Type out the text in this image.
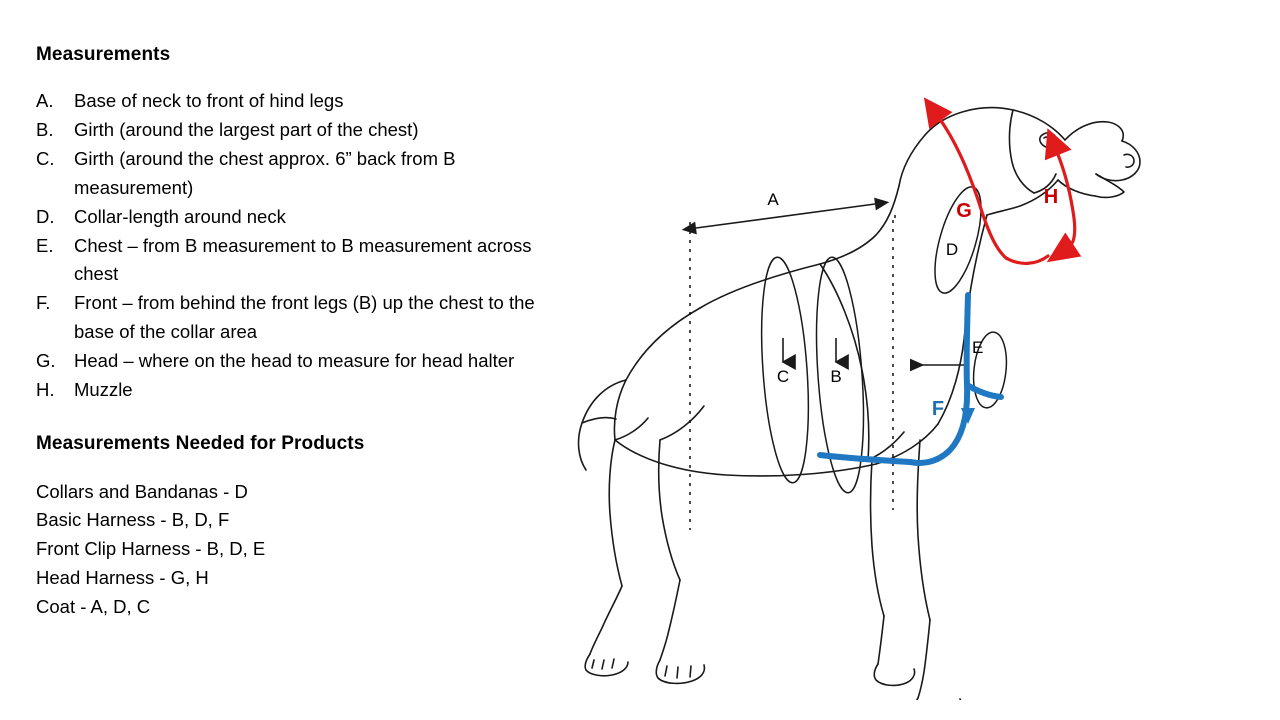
Measurements
A.	Base of neck to front of hind legs
B.	Girth (around the largest part of the chest)
C.	Girth (around the chest approx. 6” back from B measurement)
D.	Collar-length around neck
E.	Chest – from B measurement to B measurement across chest
F.	Front – from behind the front legs (B) up the chest to the base of the collar area
G. Head – where on the head to measure for head halter
H.	Muzzle
Measurements Needed for Products
Collars and Bandanas - D
Basic Harness - B, D, F
Front Clip Harness - B, D, E
Head Harness - G, H
Coat - A, D, C
A
C B
D
E
F
G
H
